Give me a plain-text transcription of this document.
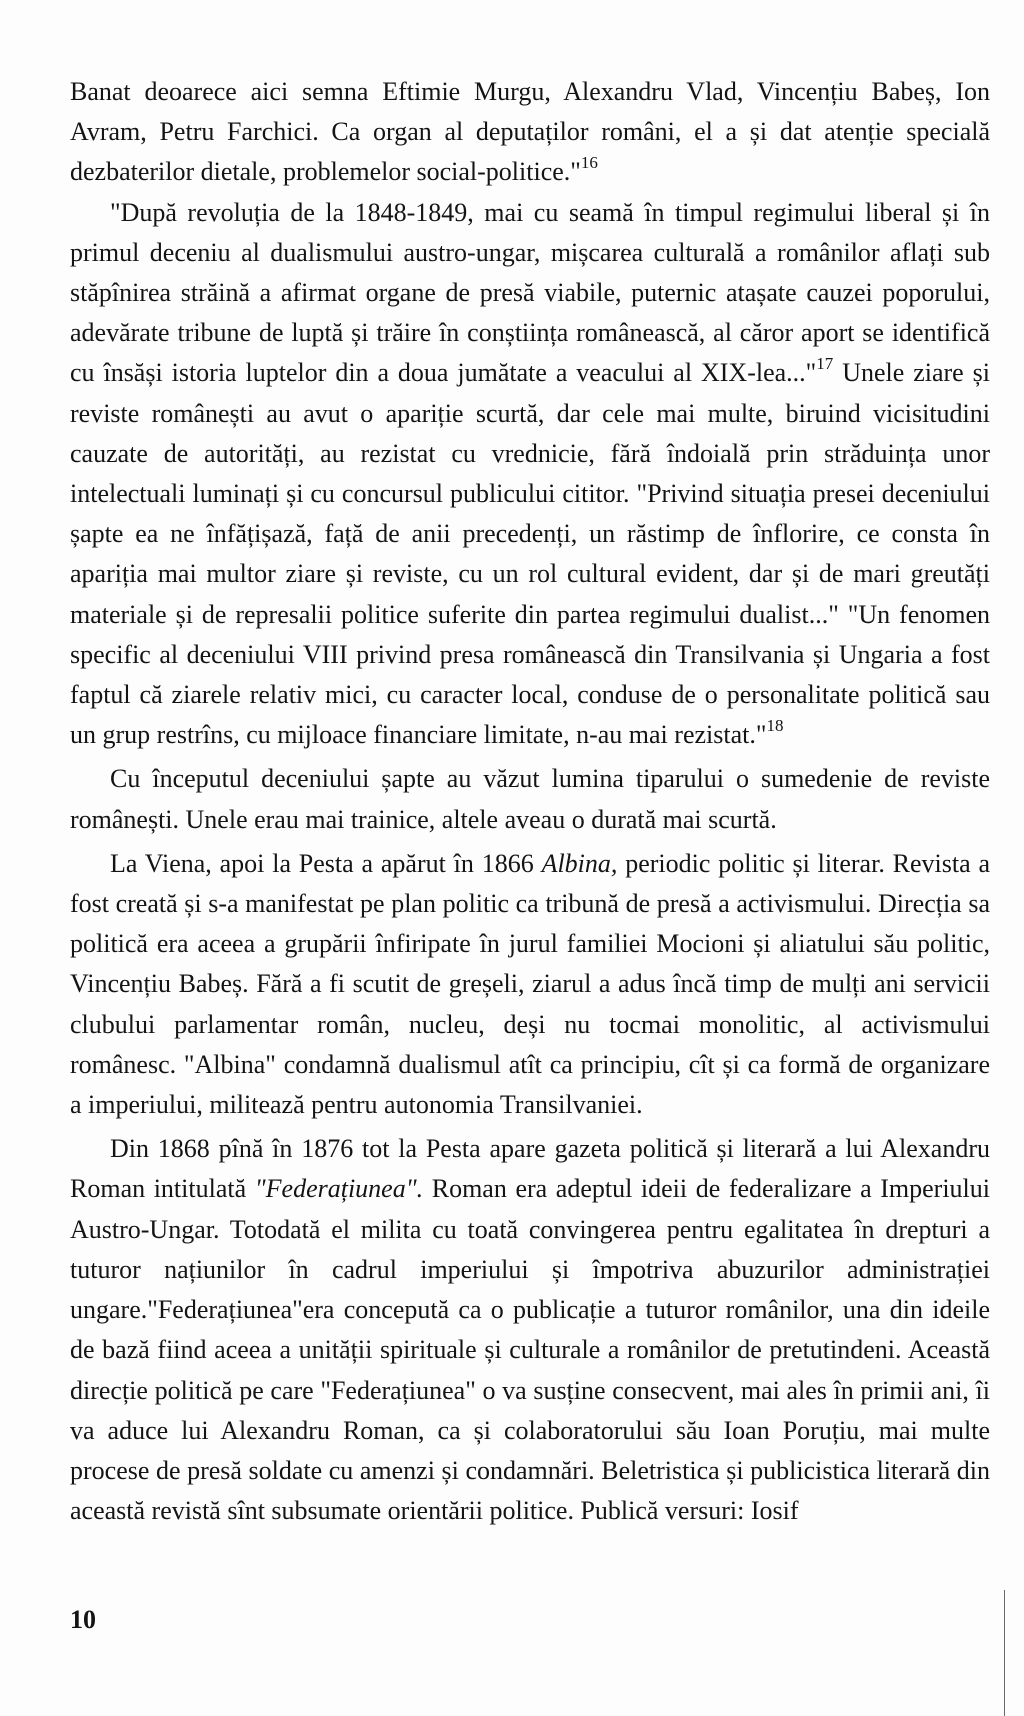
Banat deoarece aici semna Eftimie Murgu, Alexandru Vlad, Vincențiu Babeș, Ion Avram, Petru Farchici. Ca organ al deputaților români, el a și dat atenție specială dezbaterilor dietale, problemelor social-politice."$^{16}$

"După revoluția de la 1848-1849, mai cu seamă în timpul regimului liberal și în primul deceniu al dualismului austro-ungar, mișcarea culturală a românilor aflați sub stăpînirea străină a afirmat organe de presă viabile, puternic atașate cauzei poporului, adevărate tribune de luptă și trăire în conștiința românească, al căror aport se identifică cu însăși istoria luptelor din a doua jumătate a veacului al XIX-lea..."$^{17}$ Unele ziare și reviste românești au avut o apariție scurtă, dar cele mai multe, biruind vicisitudini cauzate de autorități, au rezistat cu vrednicie, fără îndoială prin străduința unor intelectuali luminați și cu concursul publicului cititor. "Privind situația presei deceniului șapte ea ne înfățișază, față de anii precedenți, un răstimp de înflorire, ce consta în apariția mai multor ziare și reviste, cu un rol cultural evident, dar și de mari greutăți materiale și de represalii politice suferite din partea regimului dualist..." "Un fenomen specific al deceniului VIII privind presa românească din Transilvania și Ungaria a fost faptul că ziarele relativ mici, cu caracter local, conduse de o personalitate politică sau un grup restrîns, cu mijloace financiare limitate, n-au mai rezistat."$^{18}$

Cu începutul deceniului șapte au văzut lumina tiparului o sumedenie de reviste românești. Unele erau mai trainice, altele aveau o durată mai scurtă.

La Viena, apoi la Pesta a apărut în 1866 Albina, periodic politic și literar. Revista a fost creată și s-a manifestat pe plan politic ca tribună de presă a activismului. Direcția sa politică era aceea a grupării înfiripate în jurul familiei Mocioni și aliatului său politic, Vincențiu Babeș. Fără a fi scutit de greșeli, ziarul a adus încă timp de mulți ani servicii clubului parlamentar român, nucleu, deși nu tocmai monolitic, al activismului românesc. "Albina" condamnă dualismul atît ca principiu, cît și ca formă de organizare a imperiului, militează pentru autonomia Transilvaniei.

Din 1868 pînă în 1876 tot la Pesta apare gazeta politică și literară a lui Alexandru Roman intitulată "Federațiunea". Roman era adeptul ideii de federalizare a Imperiului Austro-Ungar. Totodată el milita cu toată convingerea pentru egalitatea în drepturi a tuturor națiunilor în cadrul imperiului și împotriva abuzurilor administrației ungare."Federațiunea"era concepută ca o publicație a tuturor românilor, una din ideile de bază fiind aceea a unității spirituale și culturale a românilor de pretutindeni. Această direcție politică pe care "Federațiunea" o va susține consecvent, mai ales în primii ani, îi va aduce lui Alexandru Roman, ca și colaboratorului său Ioan Poruțiu, mai multe procese de presă soldate cu amenzi și condamnări. Beletristica și publicistica literară din această revistă sînt subsumate orientării politice. Publică versuri: Iosif

10
